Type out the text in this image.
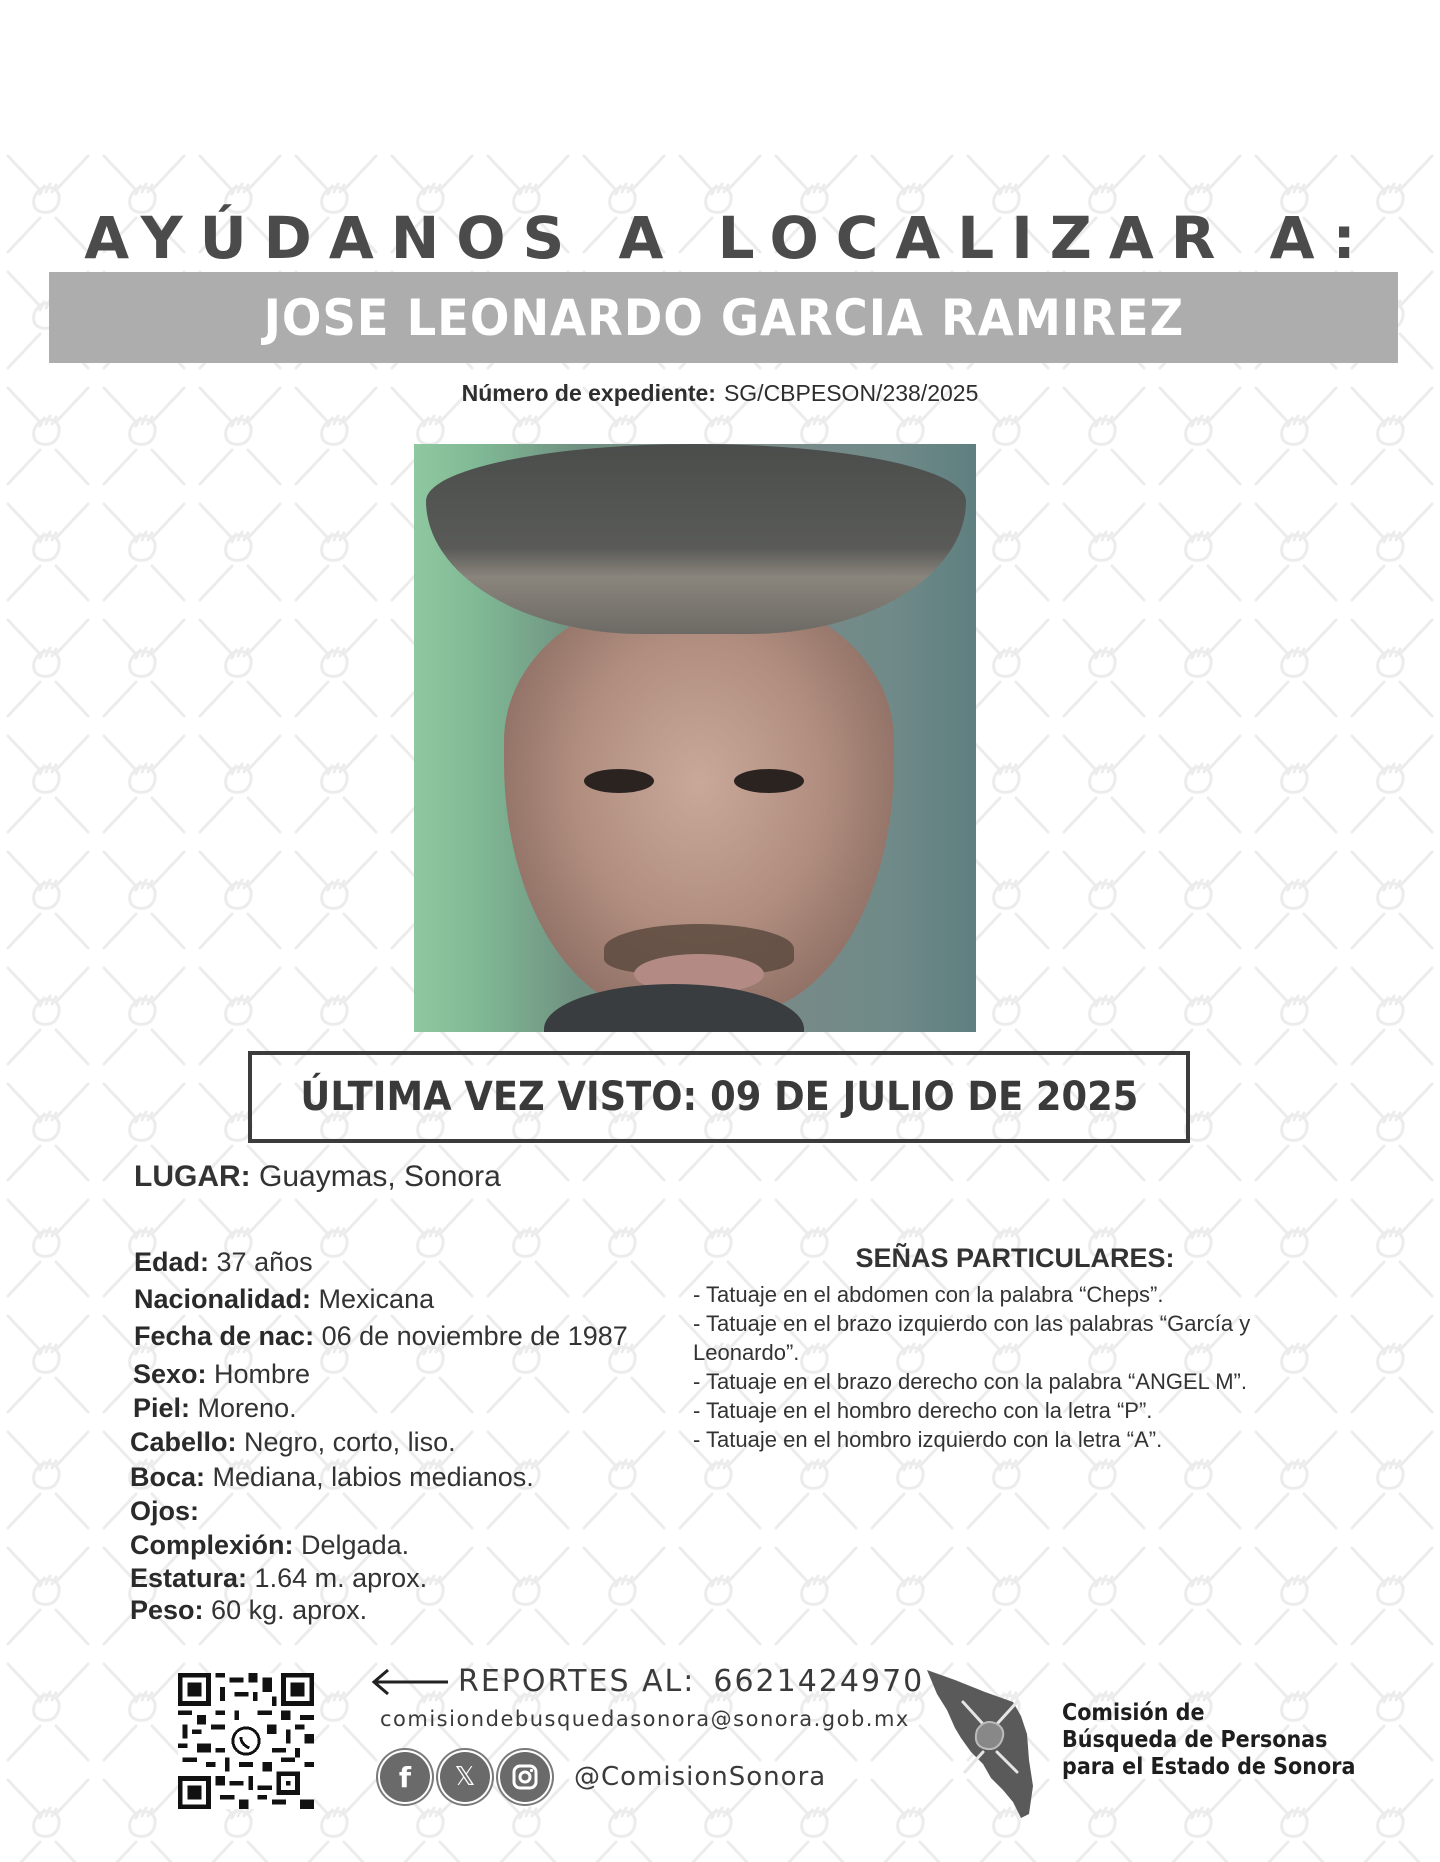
AYÚDANOS A LOCALIZAR A:
JOSE LEONARDO GARCIA RAMIREZ
Número de expediente: SG/CBPESON/238/2025
ÚLTIMA VEZ VISTO: 09 DE JULIO DE 2025
LUGAR: Guaymas, Sonora
Edad: 37 años
Nacionalidad: Mexicana
Fecha de nac: 06 de noviembre de 1987
Sexo: Hombre
Piel: Moreno.
Cabello: Negro, corto, liso.
Boca: Mediana, labios medianos.
Ojos:
Complexión: Delgada.
Estatura: 1.64 m. aprox.
Peso: 60 kg. aprox.
SEÑAS PARTICULARES:
- Tatuaje en el abdomen con la palabra “Cheps”.
- Tatuaje en el brazo izquierdo con las palabras “García y Leonardo”.
- Tatuaje en el brazo derecho con la palabra “ANGEL M”.
- Tatuaje en el hombro derecho con la letra “P”.
- Tatuaje en el hombro izquierdo con la letra “A”.
REPORTES AL: 6621424970
comisiondebusquedasonora@sonora.gob.mx
f 𝕏	@ComisionSonora
Comisión de
Búsqueda de Personas
para el Estado de Sonora
